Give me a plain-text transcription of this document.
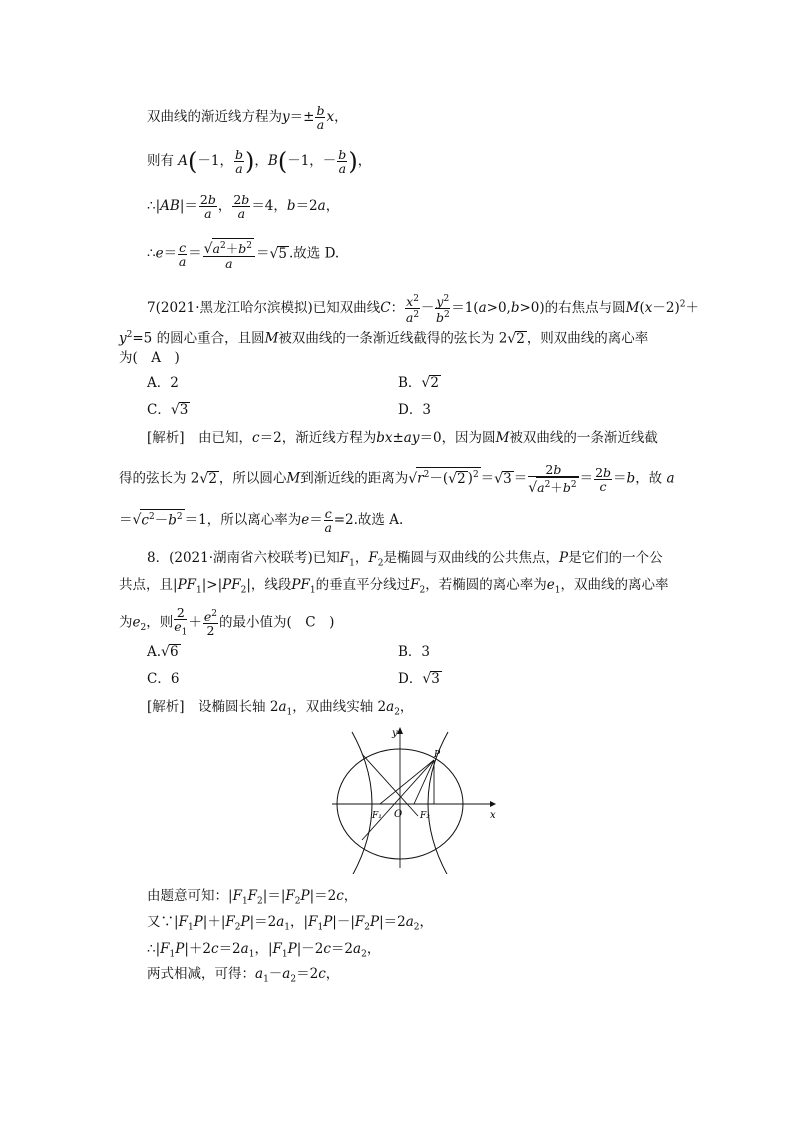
双曲线的渐近线方程为$y=\pm \frac{b}{a}$ x，
则有 A(－1， $\frac{b}{a}$ )，B(－1，－ $\frac{b}{a}$ )，
∴|AB|＝ $\frac{2b}{a}$ ， $\frac{2b}{a} =4$，b＝2a，
∴e＝ $\frac{c}{a} = \frac{√a^2+b^2}{a} =√5$ .故选 D.
7(2021·黑龙江哈尔滨模拟)已知双曲线C： $\frac{x^2}{a^2} - \frac{y^2}{b^2} =1(a>0,b>0)$的右焦点与圆$M(x-2)^2+$
$y^2=5$ 的圆心重合，且圆M被双曲线的一条渐近线截得的弦长为 2√2 ，则双曲线的离心率
为(　A　)
A．2	B．√2
C．√3	D．3
[解析]　 由已知，c＝2，渐近线方程为bx±ay＝0，因为圆M被双曲线的一条渐近线截
得的弦长为 2√2 ，所以圆心M到渐近线的距离为$√r^2-(√2$ )$^2 =√3 = \frac{2b}{√a^2+b^2} = \frac{2b}{c} =b$，故 a
$=√c^2-b^2 =1$，所以离心率为$e= \frac{c}{a} =2$.故选 A.
8．(2021·湖南省六校联考)已知$F_1$，$F_2$是椭圆与双曲线的公共焦点，P是它们的一个公
共点，且$|PF_1|>|PF_2|$，线段$PF_1$的垂直平分线过$F_2$，若椭圆的离心率为$e_1$，双曲线的离心率
为$e_2$，则 $\frac{2}{e_1} + \frac{e^2}{2}$ 的最小值为(　C　)
A.√6	B．3
C．6	D．√3
[解析]　 设椭圆长轴 $2a_1$，双曲线实轴 $2a_2$，
y
x
O
F₁	F₂
P
由题意可知：$|F_1F_2|=|F_2P|=2c$，
又$\because|F_1P|+|F_2P|=2a_1$，$|F_1P|-|F_2P|=2a_2$，
$\therefore|F_1P|+2c=2a_1$，$|F_1P|-2c=2a_2$，
两式相减，可得：$a_1-a_2=2c$，
